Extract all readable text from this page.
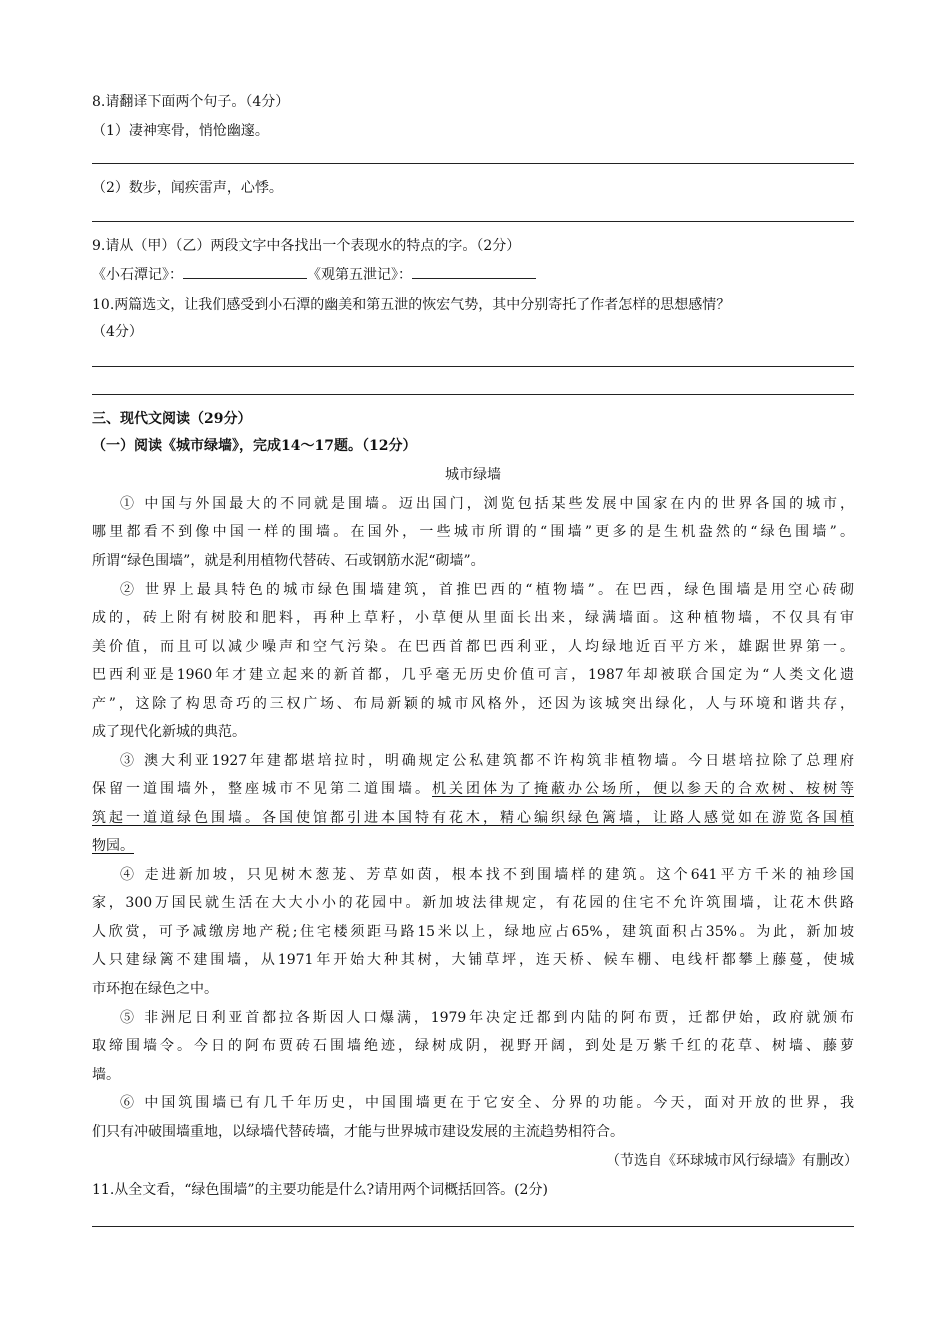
8.请翻译下面两个句子。（4分）
（1）凄神寒骨，悄怆幽邃。
（2）数步，闻疾雷声，心悸。
9.请从（甲）（乙）两段文字中各找出一个表现水的特点的字。（2分）
《小石潭记》：	《观第五泄记》：
10.两篇选文，让我们感受到小石潭的幽美和第五泄的恢宏气势，其中分别寄托了作者怎样的思想感情？
（4分）
三、现代文阅读（29分）
（一）阅读《城市绿墙》，完成14～17题。（12分）
城市绿墙
① 中国与外国最大的不同就是围墙。迈出国门，浏览包括某些发展中国家在内的世界各国的城市，
哪里都看不到像中国一样的围墙。在国外，一些城市所谓的“围墙”更多的是生机盎然的“绿色围墙”。
所谓“绿色围墙”，就是利用植物代替砖、石或钢筋水泥“砌墙”。
② 世界上最具特色的城市绿色围墙建筑，首推巴西的“植物墙”。在巴西，绿色围墙是用空心砖砌
成的，砖上附有树胶和肥料，再种上草籽，小草便从里面长出来，绿满墙面。这种植物墙，不仅具有审
美价值，而且可以减少噪声和空气污染。在巴西首都巴西利亚，人均绿地近百平方米，雄踞世界第一。
巴西利亚是1960年才建立起来的新首都，几乎毫无历史价值可言，1987年却被联合国定为“人类文化遗
产”，这除了构思奇巧的三权广场、布局新颖的城市风格外，还因为该城突出绿化，人与环境和谐共存，
成了现代化新城的典范。
③ 澳大利亚1927年建都堪培拉时，明确规定公私建筑都不许构筑非植物墙。今日堪培拉除了总理府
保留一道围墙外，整座城市不见第二道围墙。机关团体为了掩蔽办公场所，便以参天的合欢树、桉树等
筑起一道道绿色围墙。各国使馆都引进本国特有花木，精心编织绿色篱墙，让路人感觉如在游览各国植
物园。
④ 走进新加坡，只见树木葱茏、芳草如茵，根本找不到围墙样的建筑。这个641平方千米的袖珍国
家，300万国民就生活在大大小小的花园中。新加坡法律规定，有花园的住宅不允许筑围墙，让花木供路
人欣赏，可予减缴房地产税;住宅楼须距马路15米以上，绿地应占65%，建筑面积占35%。为此，新加坡
人只建绿篱不建围墙，从1971年开始大种其树，大铺草坪，连天桥、候车棚、电线杆都攀上藤蔓，使城
市环抱在绿色之中。
⑤ 非洲尼日利亚首都拉各斯因人口爆满，1979年决定迁都到内陆的阿布贾，迁都伊始，政府就颁布
取缔围墙令。今日的阿布贾砖石围墙绝迹，绿树成阴，视野开阔，到处是万紫千红的花草、树墙、藤萝
墙。
⑥ 中国筑围墙已有几千年历史，中国围墙更在于它安全、分界的功能。今天，面对开放的世界，我
们只有冲破围墙重地，以绿墙代替砖墙，才能与世界城市建设发展的主流趋势相符合。
（节选自《环球城市风行绿墙》有删改）
11.从全文看，“绿色围墙”的主要功能是什么?请用两个词概括回答。(2分)
